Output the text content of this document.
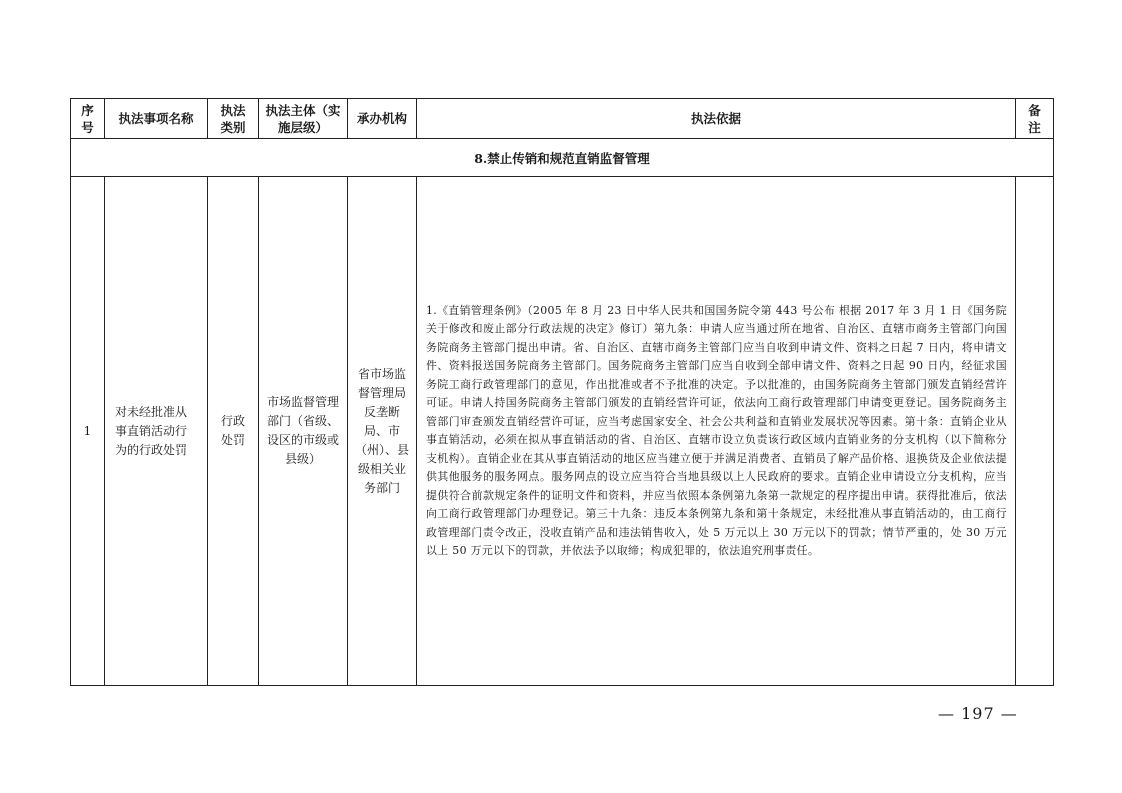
序号	执法事项名称	执法类别	执法主体（实施层级）	承办机构	执法依据	备注
8.禁止传销和规范直销监督管理						
1	对未经批准从事直销活动行为的行政处罚	行政处罚	市场监督管理部门（省级、设区的市级或县级）	省市场监督管理局反垄断局、市（州）、县级相关业务部门	1.《直销管理条例》（2005 年 8 月 23 日中华人民共和国国务院令第 443 号公布 根据 2017 年 3 月 1 日《国务院关于修改和废止部分行政法规的决定》修订）第九条：申请人应当通过所在地省、自治区、直辖市商务主管部门向国务院商务主管部门提出申请。省、自治区、直辖市商务主管部门应当自收到申请文件、资料之日起 7 日内，将申请文件、资料报送国务院商务主管部门。国务院商务主管部门应当自收到全部申请文件、资料之日起 90 日内，经征求国务院工商行政管理部门的意见，作出批准或者不予批准的决定。予以批准的，由国务院商务主管部门颁发直销经营许可证。申请人持国务院商务主管部门颁发的直销经营许可证，依法向工商行政管理部门申请变更登记。国务院商务主管部门审查颁发直销经营许可证，应当考虑国家安全、社会公共利益和直销业发展状况等因素。第十条：直销企业从事直销活动，必须在拟从事直销活动的省、自治区、直辖市设立负责该行政区域内直销业务的分支机构（以下简称分支机构）。直销企业在其从事直销活动的地区应当建立便于并满足消费者、直销员了解产品价格、退换货及企业依法提供其他服务的服务网点。服务网点的设立应当符合当地县级以上人民政府的要求。直销企业申请设立分支机构，应当提供符合前款规定条件的证明文件和资料，并应当依照本条例第九条第一款规定的程序提出申请。获得批准后，依法向工商行政管理部门办理登记。第三十九条：违反本条例第九条和第十条规定，未经批准从事直销活动的，由工商行政管理部门责令改正，没收直销产品和违法销售收入，处 5 万元以上 30 万元以下的罚款；情节严重的，处 30 万元以上 50 万元以下的罚款，并依法予以取缔；构成犯罪的，依法追究刑事责任。	

— 197 —
